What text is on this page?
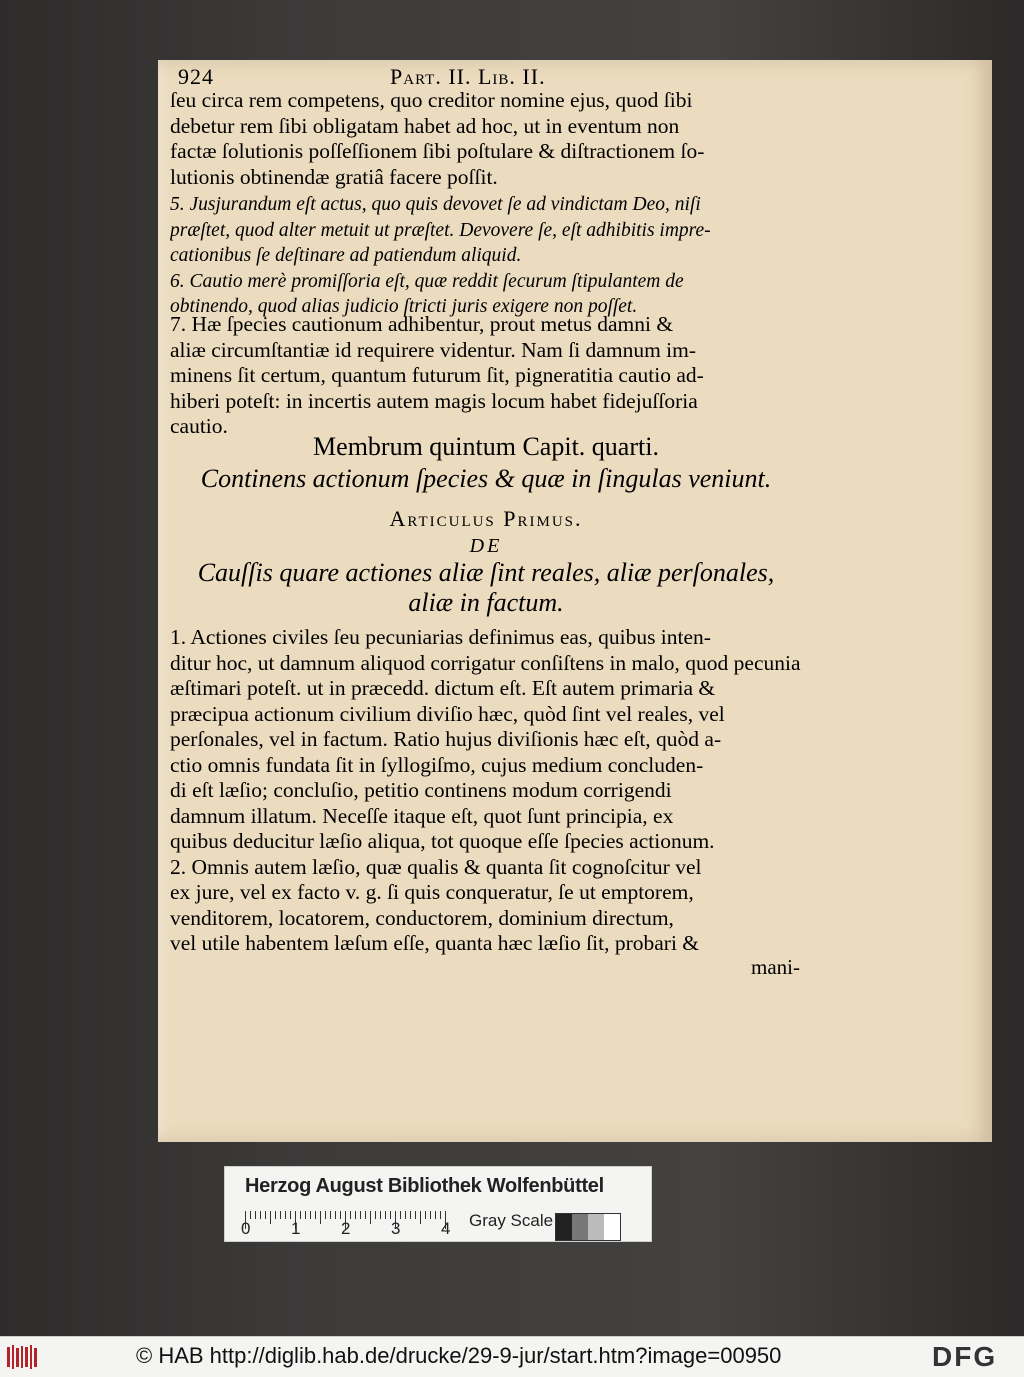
924	Part. II. Lib. II.
ſeu circa rem competens, quo creditor nomine ejus, quod ſibi
debetur rem ſibi obligatam habet ad hoc, ut in eventum non
factæ ſolutionis poſſeſſionem ſibi poſtulare & diſtractionem ſo-
lutionis obtinendæ gratiâ facere poſſit.
5. Jusjurandum eſt actus, quo quis devovet ſe ad vindictam Deo, niſi
præſtet, quod alter metuit ut præſtet. Devovere ſe, eſt adhibitis impre-
cationibus ſe deſtinare ad patiendum aliquid.
6. Cautio merè promiſſoria eſt, quæ reddit ſecurum ſtipulantem de
obtinendo, quod alias judicio ſtricti juris exigere non poſſet.
7. Hæ ſpecies cautionum adhibentur, prout metus damni &
aliæ circumſtantiæ id requirere videntur. Nam ſi damnum im-
minens ſit certum, quantum futurum ſit, pigneratitia cautio ad-
hiberi poteſt: in incertis autem magis locum habet fidejuſſoria
cautio.
Membrum quintum Capit. quarti.
Continens actionum ſpecies & quæ in ſingulas veniunt.
Articulus Primus.
DE
Cauſſis quare actiones aliæ ſint reales, aliæ perſonales,
aliæ in factum.
1. Actiones civiles ſeu pecuniarias definimus eas, quibus inten-
ditur hoc, ut damnum aliquod corrigatur conſiſtens in malo, quod pecunia
æſtimari poteſt. ut in præcedd. dictum eſt. Eſt autem primaria &
præcipua actionum civilium diviſio hæc, quòd ſint vel reales, vel
perſonales, vel in factum. Ratio hujus diviſionis hæc eſt, quòd a-
ctio omnis fundata ſit in ſyllogiſmo, cujus medium concluden-
di eſt læſio; concluſio, petitio continens modum corrigendi
damnum illatum. Neceſſe itaque eſt, quot ſunt principia, ex
quibus deducitur læſio aliqua, tot quoque eſſe ſpecies actionum.
2. Omnis autem læſio, quæ qualis & quanta ſit cognoſcitur vel
ex jure, vel ex facto v. g. ſi quis conqueratur, ſe ut emptorem,
venditorem, locatorem, conductorem, dominium directum,
vel utile habentem læſum eſſe, quanta hæc læſio ſit, probari &
mani-
Herzog August Bibliothek Wolfenbüttel
0 1 2 3 4 Gray Scale
© HAB http://diglib.hab.de/drucke/29-9-jur/start.htm?image=00950	DFG
